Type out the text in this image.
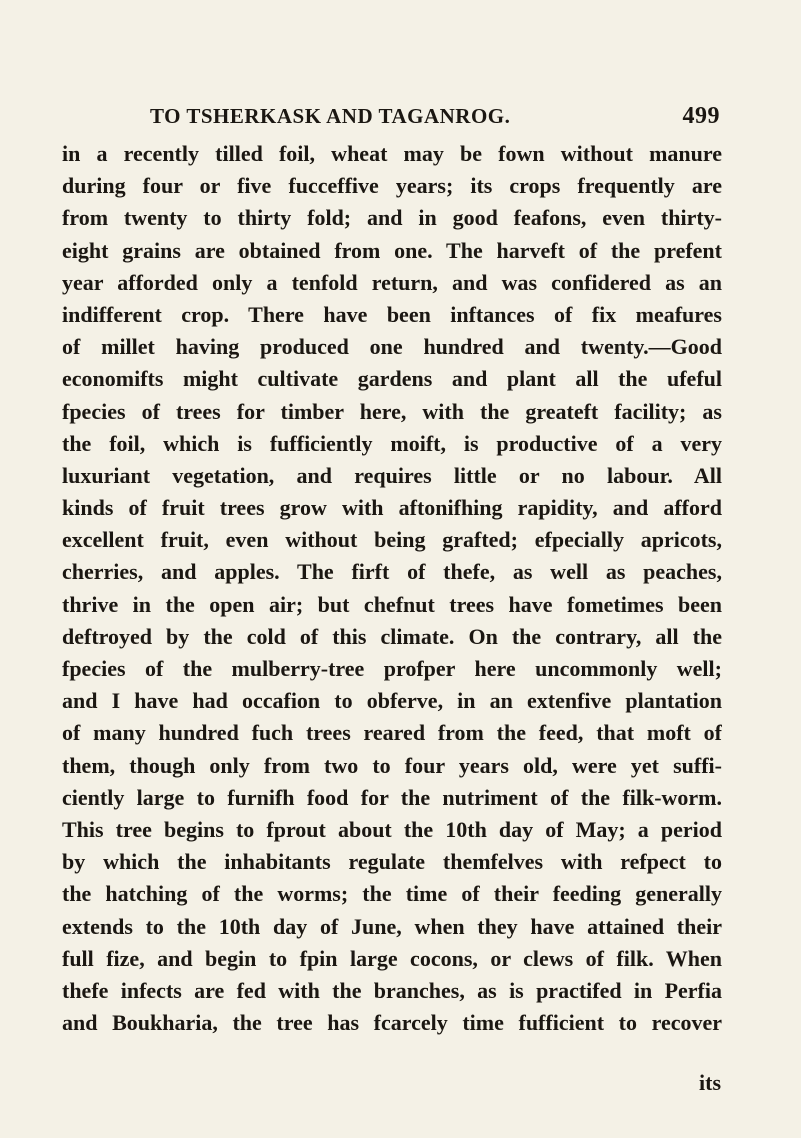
TO TSHERKASK AND TAGANROG.	499
in a recently tilled foil, wheat may be fown without manure
during four or five fucceffive years; its crops frequently are
from twenty to thirty fold; and in good feafons, even thirty-
eight grains are obtained from one. The harveft of the prefent
year afforded only a tenfold return, and was confidered as an
indifferent crop. There have been inftances of fix meafures
of millet having produced one hundred and twenty.—Good
economifts might cultivate gardens and plant all the ufeful
fpecies of trees for timber here, with the greateft facility; as
the foil, which is fufficiently moift, is productive of a very
luxuriant vegetation, and requires little or no labour. All
kinds of fruit trees grow with aftonifhing rapidity, and afford
excellent fruit, even without being grafted; efpecially apricots,
cherries, and apples. The firft of thefe, as well as peaches,
thrive in the open air; but chefnut trees have fometimes been
deftroyed by the cold of this climate. On the contrary, all the
fpecies of the mulberry-tree profper here uncommonly well;
and I have had occafion to obferve, in an extenfive plantation
of many hundred fuch trees reared from the feed, that moft of
them, though only from two to four years old, were yet suffi-
ciently large to furnifh food for the nutriment of the filk-worm.
This tree begins to fprout about the 10th day of May; a period
by which the inhabitants regulate themfelves with refpect to
the hatching of the worms; the time of their feeding generally
extends to the 10th day of June, when they have attained their
full fize, and begin to fpin large cocons, or clews of filk. When
thefe infects are fed with the branches, as is practifed in Perfia
and Boukharia, the tree has fcarcely time fufficient to recover
its
